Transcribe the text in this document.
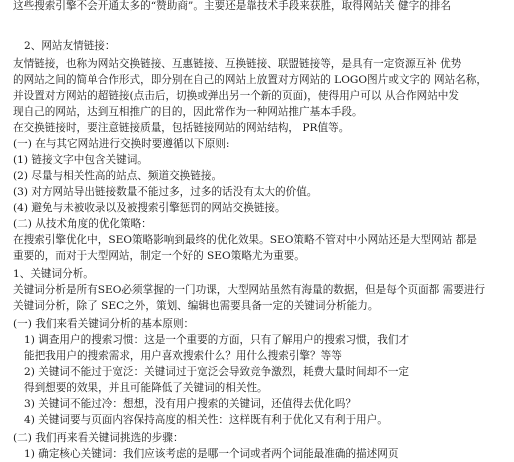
这些搜索引擎不会开通太多的“赞助商”。主要还是靠技术手段来获胜，取得网站关 健字的排名
2、网站友情链接：
友情链接，也称为网站交换链接、互惠链接、互换链接、联盟链接等，是具有一定资源互补 优势
的网站之间的简单合作形式，即分别在自己的网站上放置对方网站的 LOGO图片或文字的 网站名称，
并设置对方网站的超链接(点击后，切换或弹出另一个新的页面)，使得用户可以 从合作网站中发
现自己的网站，达到互相推广的目的，因此常作为一种网站推广基本手段。
在交换链接时，要注意链接质量，包括链接网站的网站结构， PR值等。
(一) 在与其它网站进行交换时要遵循以下原则:
(1) 链接文字中包含关键词。
(2) 尽量与相关性高的站点、频道交换链接。
(3) 对方网站导出链接数量不能过多，过多的话没有太大的价值。
(4) 避免与未被收录以及被搜索引擎惩罚的网站交换链接。
(二) 从技术角度的优化策略：
在搜索引擎优化中，SEO策略影响到最终的优化效果。SEO策略不管对中小网站还是大型网站 都是
重要的，而对于大型网站，制定一个好的 SEO策略尤为重要。
1、关键词分析。
关键词分析是所有SEO必须掌握的一门功课，大型网站虽然有海量的数据，但是每个页面都 需要进行
关键词分析，除了 SEC之外，策划、编辑也需要具备一定的关键词分析能力。
(一) 我们来看关键词分析的基本原则：
1) 调查用户的搜索习惯：这是一个重要的方面，只有了解用户的搜索习惯，我们才
能把我用户的搜索需求，用户喜欢搜索什么？用什么搜索引擎？等等
2) 关键词不能过于宽泛：关键词过于宽泛会导致竞争激烈，耗费大量时间却不一定
得到想要的效果，并且可能降低了关键词的相关性。
3) 关键词不能过冷：想想，没有用户搜索的关键词，还值得去优化吗？
4) 关键词要与页面内容保持高度的相关性：这样既有利于优化又有利于用户。
(二) 我们再来看关键词挑选的步骤：
1) 确定核心关键词：我们应该考虑的是哪一个词或者两个词能最准确的描述网页
